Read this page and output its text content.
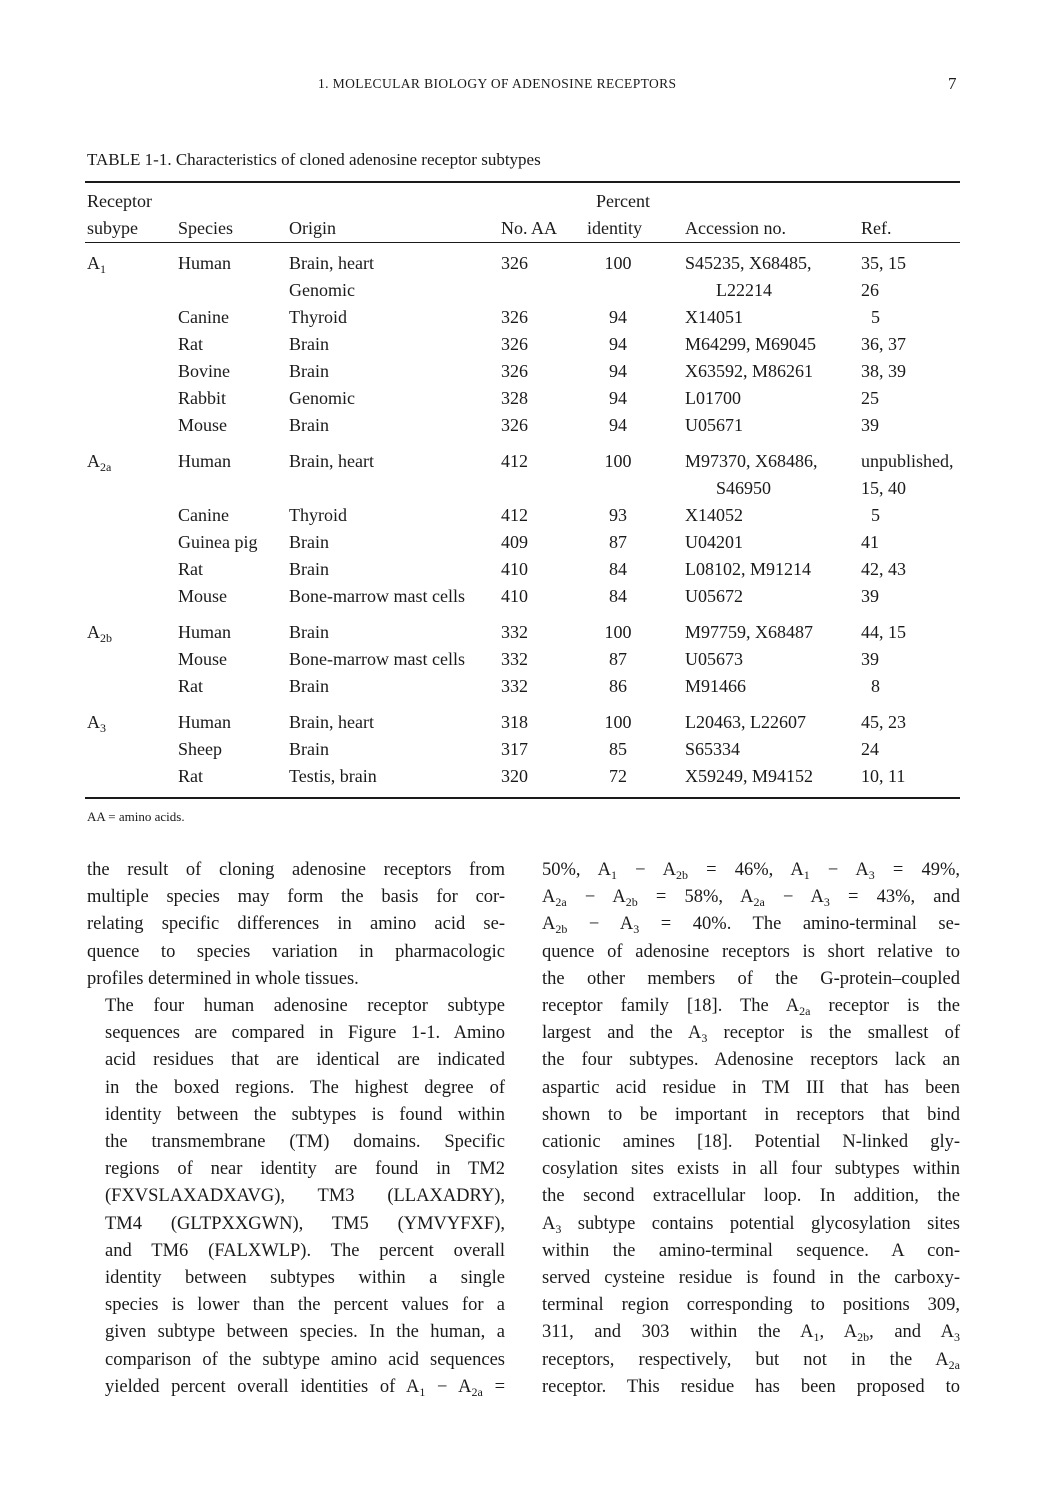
1. MOLECULAR BIOLOGY OF ADENOSINE RECEPTORS	7
TABLE 1-1. Characteristics of cloned adenosine receptor subtypes
Receptor				Percent		
subype	Species	Origin	No. AA	identity	Accession no.	Ref.
$A_1$	Human	Brain, heart	326	100	S45235, X68485,	35, 15
		Genomic			L22214	26
	Canine	Thyroid	326	94	X14051	5
	Rat	Brain	326	94	M64299, M69045	36, 37
	Bovine	Brain	326	94	X63592, M86261	38, 39
	Rabbit	Genomic	328	94	L01700	25
	Mouse	Brain	326	94	U05671	39
$A_{2a}$	Human	Brain, heart	412	100	M97370, X68486,	unpublished,
					S46950	15, 40
	Canine	Thyroid	412	93	X14052	5
	Guinea pig	Brain	409	87	U04201	41
	Rat	Brain	410	84	L08102, M91214	42, 43
	Mouse	Bone-marrow mast cells	410	84	U05672	39
$A_{2b}$	Human	Brain	332	100	M97759, X68487	44, 15
	Mouse	Bone-marrow mast cells	332	87	U05673	39
	Rat	Brain	332	86	M91466	8
$A_3$	Human	Brain, heart	318	100	L20463, L22607	45, 23
	Sheep	Brain	317	85	S65334	24
	Rat	Testis, brain	320	72	X59249, M94152	10, 11
AA = amino acids.

the result of cloning adenosine receptors from
multiple species may form the basis for cor-
relating specific differences in amino acid se-
quence to species variation in pharmacologic
profiles determined in whole tissues.

The four human adenosine receptor subtype
sequences are compared in Figure 1-1. Amino
acid residues that are identical are indicated
in the boxed regions. The highest degree of
identity between the subtypes is found within
the transmembrane (TM) domains. Specific
regions of near identity are found in TM2
(FXVSLAXADXAVG), TM3 (LLAXADRY),
TM4 (GLTPXXGWN), TM5 (YMVYFXF),
and TM6 (FALXWLP). The percent overall
identity between subtypes within a single
species is lower than the percent values for a
given subtype between species. In the human, a
comparison of the subtype amino acid sequences
yielded percent overall identities of $A_1 - A_{2a}$ =

50%, $A_1 - A_{2b} = 46\%$, $A_1 - A_3 = 49\%$,
$A_{2a} - A_{2b} = 58\%$, $A_{2a} - A_3 = 43\%$, and
$A_{2b} - A_3 = 40\%$. The amino-terminal se-
quence of adenosine receptors is short relative to
the other members of the G-protein–coupled
receptor family [18]. The $A_{2a}$ receptor is the
largest and the $A_3$ receptor is the smallest of
the four subtypes. Adenosine receptors lack an
aspartic acid residue in TM III that has been
shown to be important in receptors that bind
cationic amines [18]. Potential N-linked gly-
cosylation sites exists in all four subtypes within
the second extracellular loop. In addition, the
$A_3$ subtype contains potential glycosylation sites
within the amino-terminal sequence. A con-
served cysteine residue is found in the carboxy-
terminal region corresponding to positions 309,
311, and 303 within the $A_1$, $A_{2b}$, and $A_3$
receptors, respectively, but not in the $A_{2a}$
receptor. This residue has been proposed to
